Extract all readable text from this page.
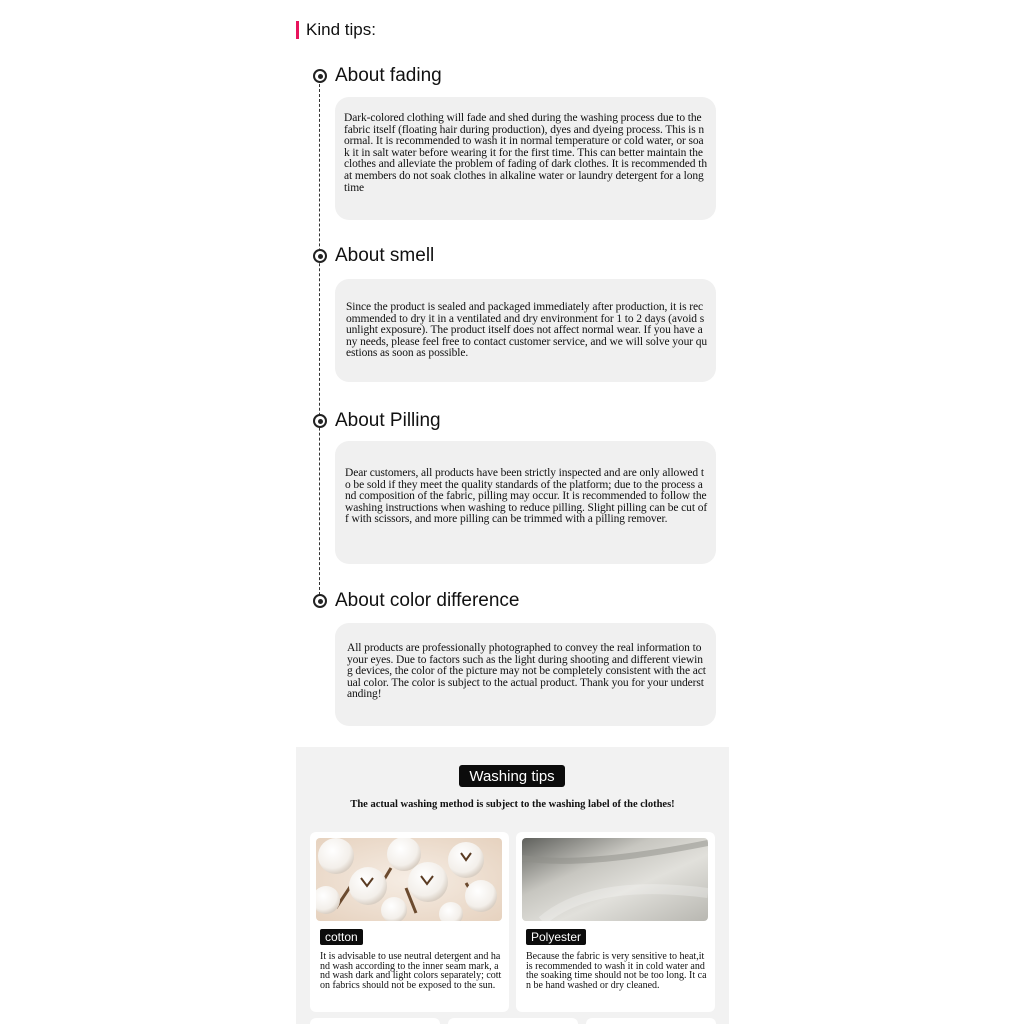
Kind tips:
About fading

Dark-colored clothing will fade and shed during the washing process due to the fabric itself (floating hair during production), dyes and dyeing process. This is normal. It is recommended to wash it in normal temperature or cold water, or soak it in salt water before wearing it for the first time. This can better maintain the clothes and alleviate the problem of fading of dark clothes. It is recommended that members do not soak clothes in alkaline water or laundry detergent for a long time

About smell

Since the product is sealed and packaged immediately after production, it is recommended to dry it in a ventilated and dry environment for 1 to 2 days (avoid sunlight exposure). The product itself does not affect normal wear. If you have any needs, please feel free to contact customer service, and we will solve your questions as soon as possible.

About Pilling

Dear customers, all products have been strictly inspected and are only allowed to be sold if they meet the quality standards of the platform; due to the process and composition of the fabric, pilling may occur. It is recommended to follow the washing instructions when washing to reduce pilling. Slight pilling can be cut off with scissors, and more pilling can be trimmed with a pilling remover.

About color difference

All products are professionally photographed to convey the real information to your eyes. Due to factors such as the light during shooting and different viewing devices, the color of the picture may not be completely consistent with the actual color. The color is subject to the actual product. Thank you for your understanding!

Washing tips
The actual washing method is subject to the washing label of the clothes!
cotton

It is advisable to use neutral detergent and hand wash according to the inner seam mark, and wash dark and light colors separately; cotton fabrics should not be exposed to the sun.

Polyester

Because the fabric is very sensitive to heat,it is recommended to wash it in cold water and the soaking time should not be too long. It can be hand washed or dry cleaned.
